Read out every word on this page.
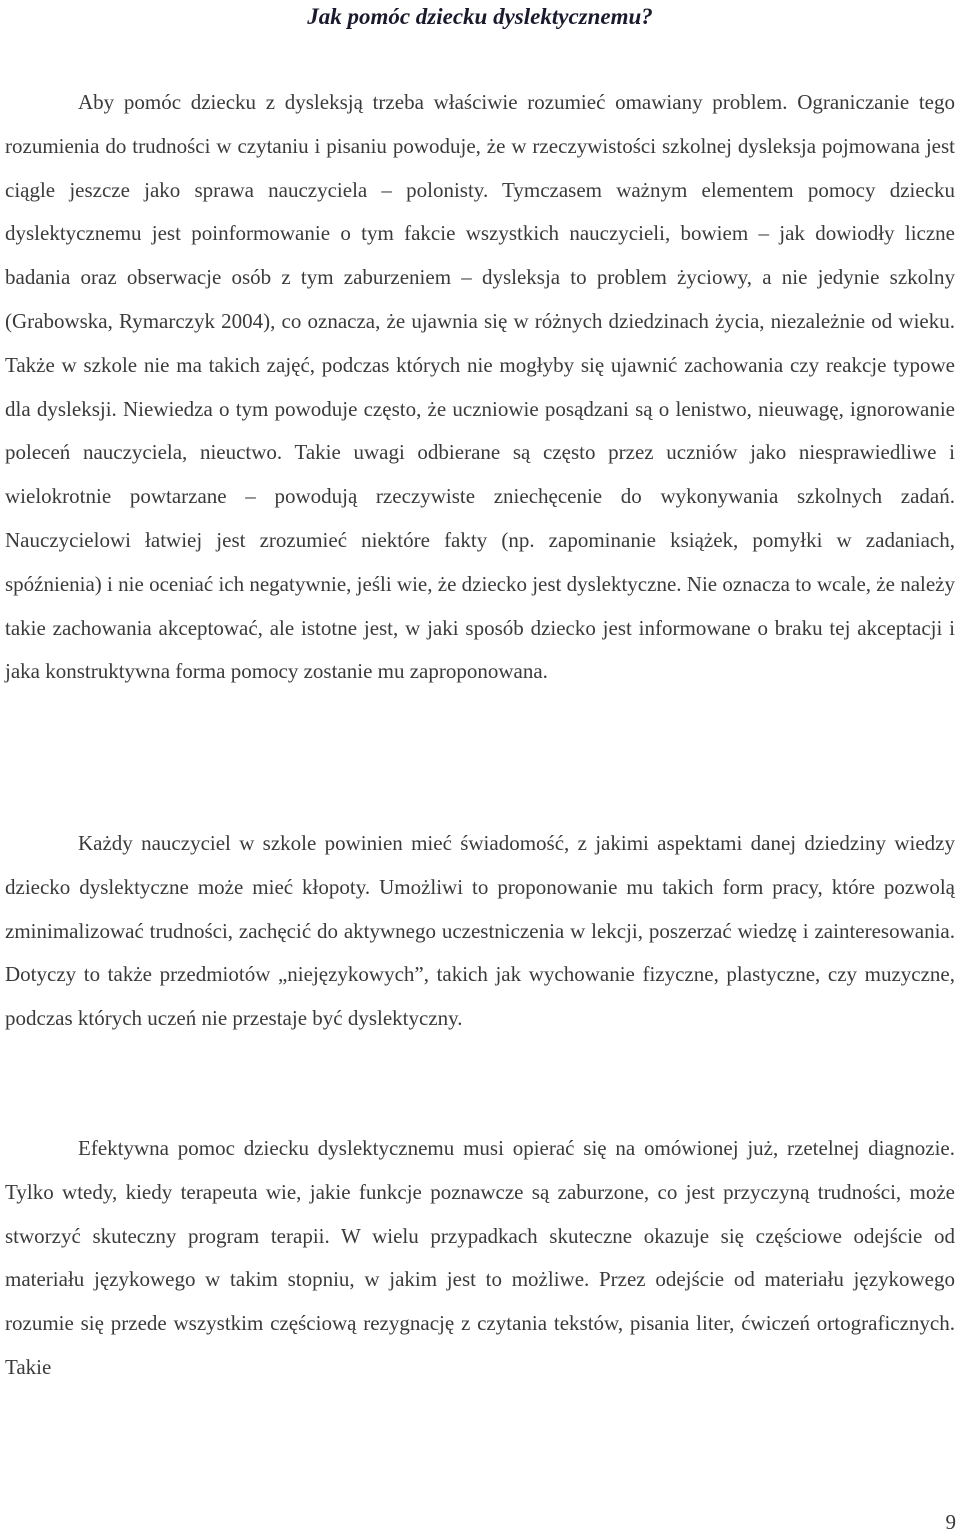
Jak pomóc dziecku dyslektycznemu?

Aby pomóc dziecku z dysleksją trzeba właściwie rozumieć omawiany problem. Ograniczanie tego rozumienia do trudności w czytaniu i pisaniu powoduje, że w rzeczywistości szkolnej dysleksja pojmowana jest ciągle jeszcze jako sprawa nauczyciela – polonisty. Tymczasem ważnym elementem pomocy dziecku dyslektycznemu jest poinformowanie o tym fakcie wszystkich nauczycieli, bowiem – jak dowiodły liczne badania oraz obserwacje osób z tym zaburzeniem – dysleksja to problem życiowy, a nie jedynie szkolny (Grabowska, Rymarczyk 2004), co oznacza, że ujawnia się w różnych dziedzinach życia, niezależnie od wieku. Także w szkole nie ma takich zajęć, podczas których nie mogłyby się ujawnić zachowania czy reakcje typowe dla dysleksji. Niewiedza o tym powoduje często, że uczniowie posądzani są o lenistwo, nieuwagę, ignorowanie poleceń nauczyciela, nieuctwo. Takie uwagi odbierane są często przez uczniów jako niesprawiedliwe i wielokrotnie powtarzane – powodują rzeczywiste zniechęcenie do wykonywania szkolnych zadań. Nauczycielowi łatwiej jest zrozumieć niektóre fakty (np. zapominanie książek, pomyłki w zadaniach, spóźnienia) i nie oceniać ich negatywnie, jeśli wie, że dziecko jest dyslektyczne. Nie oznacza to wcale, że należy takie zachowania akceptować, ale istotne jest, w jaki sposób dziecko jest informowane o braku tej akceptacji i jaka konstruktywna forma pomocy zostanie mu zaproponowana.

Każdy nauczyciel w szkole powinien mieć świadomość, z jakimi aspektami danej dziedziny wiedzy dziecko dyslektyczne może mieć kłopoty. Umożliwi to proponowanie mu takich form pracy, które pozwolą zminimalizować trudności, zachęcić do aktywnego uczestniczenia w lekcji, poszerzać wiedzę i zainteresowania. Dotyczy to także przedmiotów „niejęzykowych”, takich jak wychowanie fizyczne, plastyczne, czy muzyczne, podczas których uczeń nie przestaje być dyslektyczny.

Efektywna pomoc dziecku dyslektycznemu musi opierać się na omówionej już, rzetelnej diagnozie. Tylko wtedy, kiedy terapeuta wie, jakie funkcje poznawcze są zaburzone, co jest przyczyną trudności, może stworzyć skuteczny program terapii. W wielu przypadkach skuteczne okazuje się częściowe odejście od materiału językowego w takim stopniu, w jakim jest to możliwe. Przez odejście od materiału językowego rozumie się przede wszystkim częściową rezygnację z czytania tekstów, pisania liter, ćwiczeń ortograficznych. Takie

9
